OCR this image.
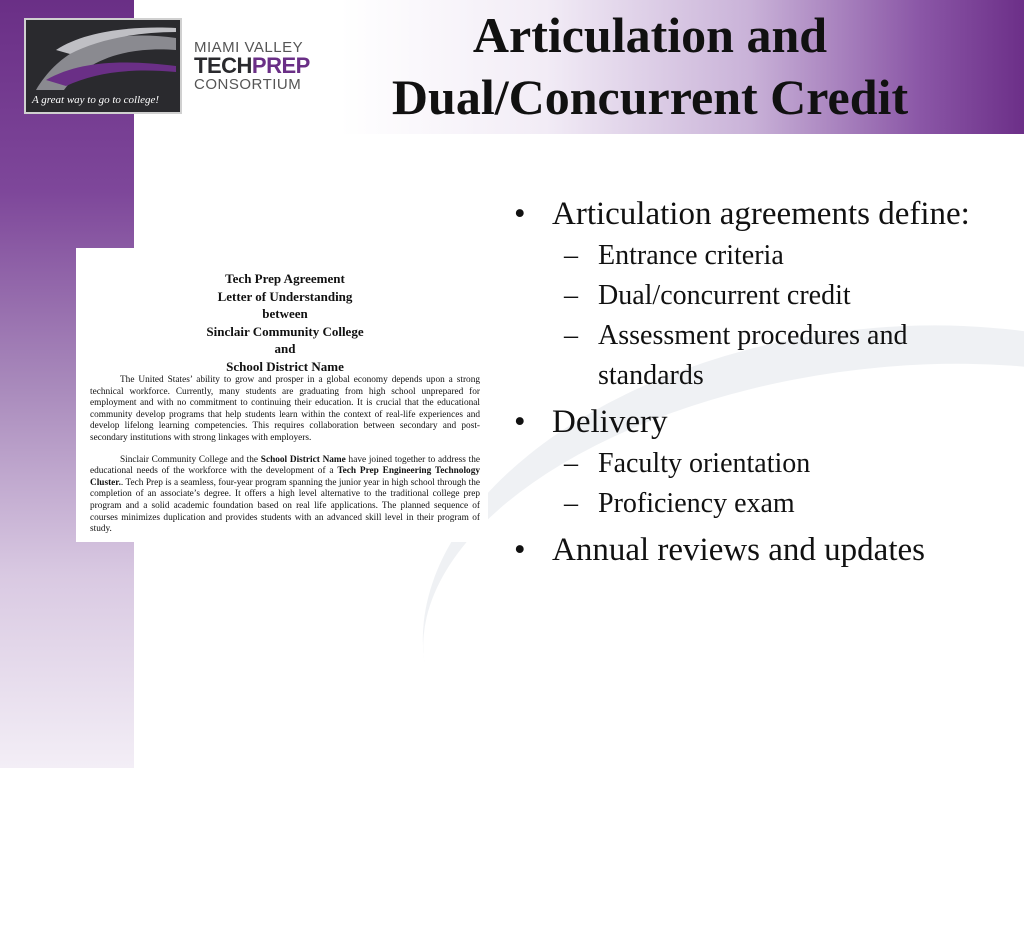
A great way to go to college!
MIAMI VALLEY
TECHPREP
CONSORTIUM
Articulation and
Dual/Concurrent Credit
Tech Prep Agreement
Letter of Understanding
between
Sinclair Community College
and
School District Name

The United States’ ability to grow and prosper in a global economy depends upon a strong technical workforce. Currently, many students are graduating from high school unprepared for employment and with no commitment to continuing their education. It is crucial that the educational community develop programs that help students learn within the context of real-life experiences and develop lifelong learning competencies. This requires collaboration between secondary and post-secondary institutions with strong linkages with employers.

Sinclair Community College and the School District Name have joined together to address the educational needs of the workforce with the development of a Tech Prep Engineering Technology Cluster.. Tech Prep is a seamless, four-year program spanning the junior year in high school through the completion of an associate’s degree. It offers a high level alternative to the traditional college prep program and a solid academic foundation based on real life applications. The planned sequence of courses minimizes duplication and provides students with an advanced skill level in their program of study.

• Articulation agreements define:
– Entrance criteria
– Dual/concurrent credit
– Assessment procedures and standards
• Delivery
– Faculty orientation
– Proficiency exam
• Annual reviews and updates
